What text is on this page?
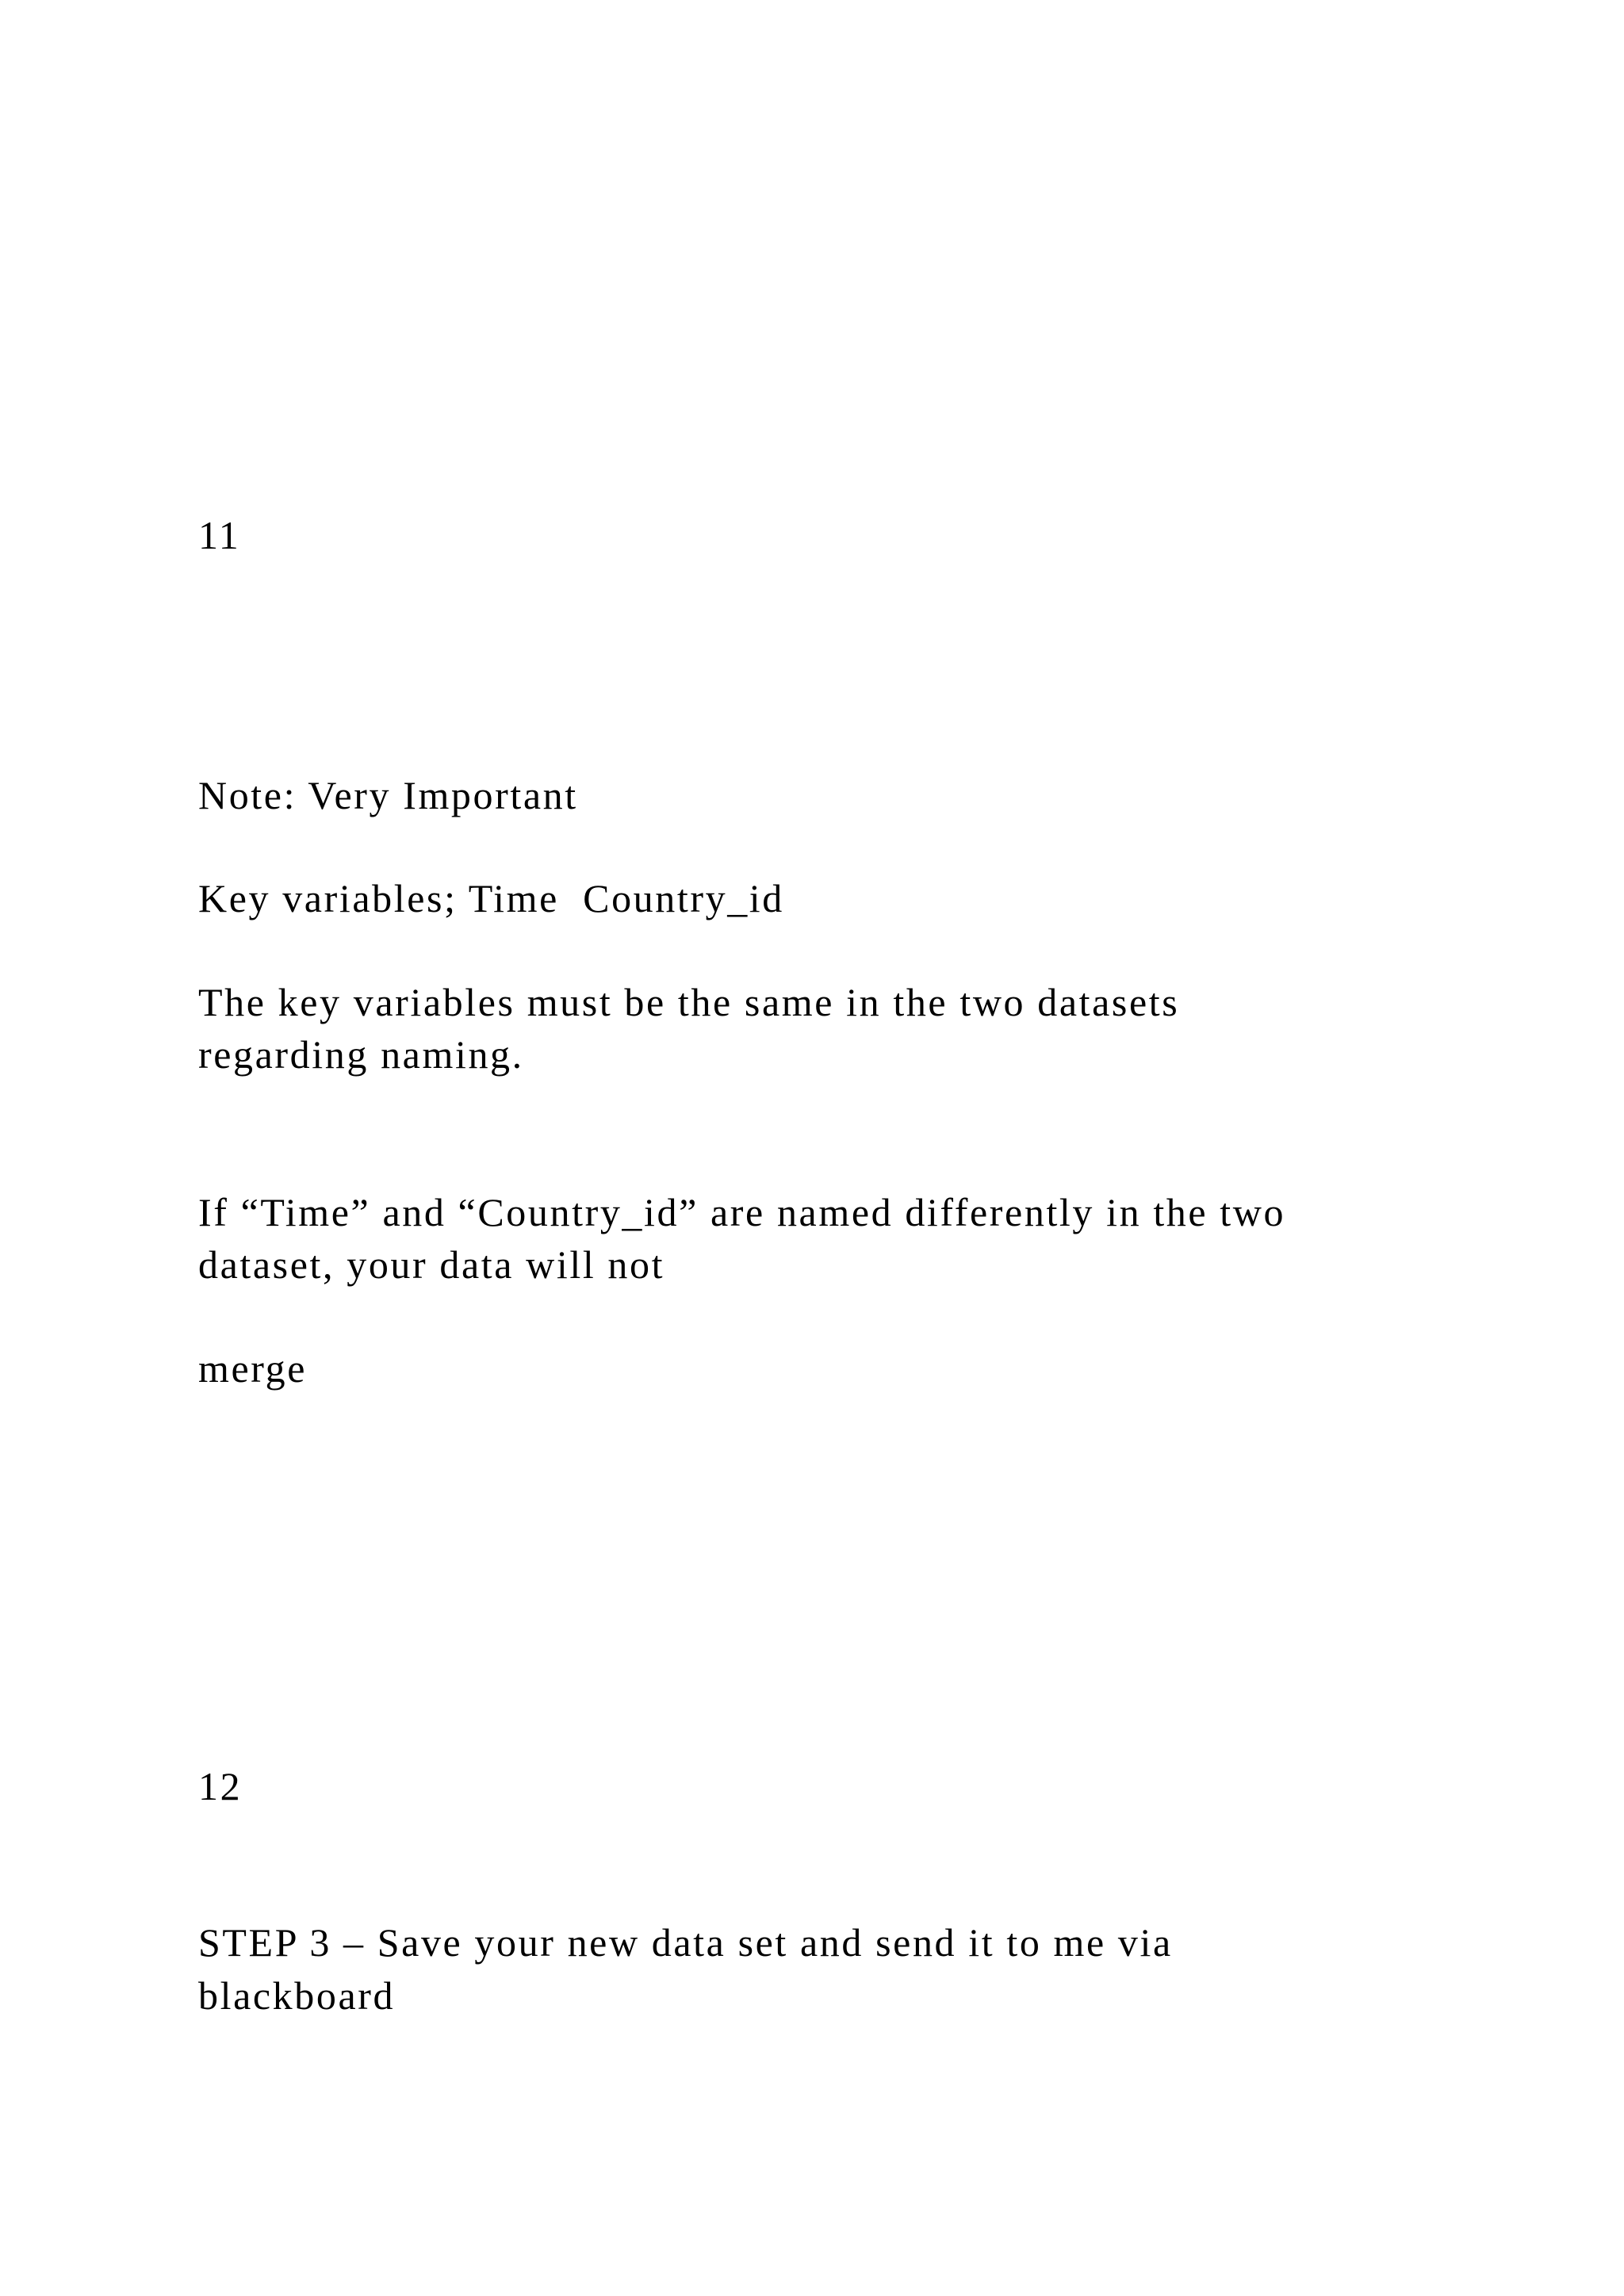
11

Note: Very Important

Key variables; Time  Country_id

The key variables must be the same in the two datasets

regarding naming.

If “Time” and “Country_id” are named differently in the two

dataset, your data will not

merge

12

STEP 3 – Save your new data set and send it to me via

blackboard
